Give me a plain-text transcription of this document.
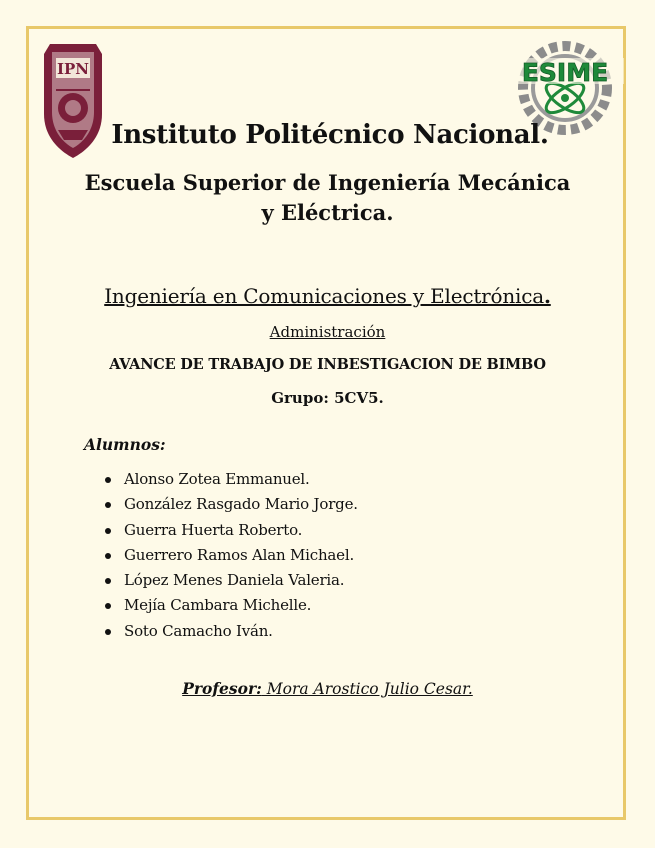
IPN	ESIME
Instituto Politécnico Nacional.
Escuela Superior de Ingeniería Mecánica
y Eléctrica.
Ingeniería en Comunicaciones y Electrónica.
Administración
AVANCE DE TRABAJO DE INBESTIGACION DE BIMBO
Grupo: 5CV5.
Alumnos:
Alonso Zotea Emmanuel.
González Rasgado Mario Jorge.
Guerra Huerta Roberto.
Guerrero Ramos Alan Michael.
López Menes Daniela Valeria.
Mejía Cambara Michelle.
Soto Camacho Iván.
Profesor: Mora Arostico Julio Cesar.
